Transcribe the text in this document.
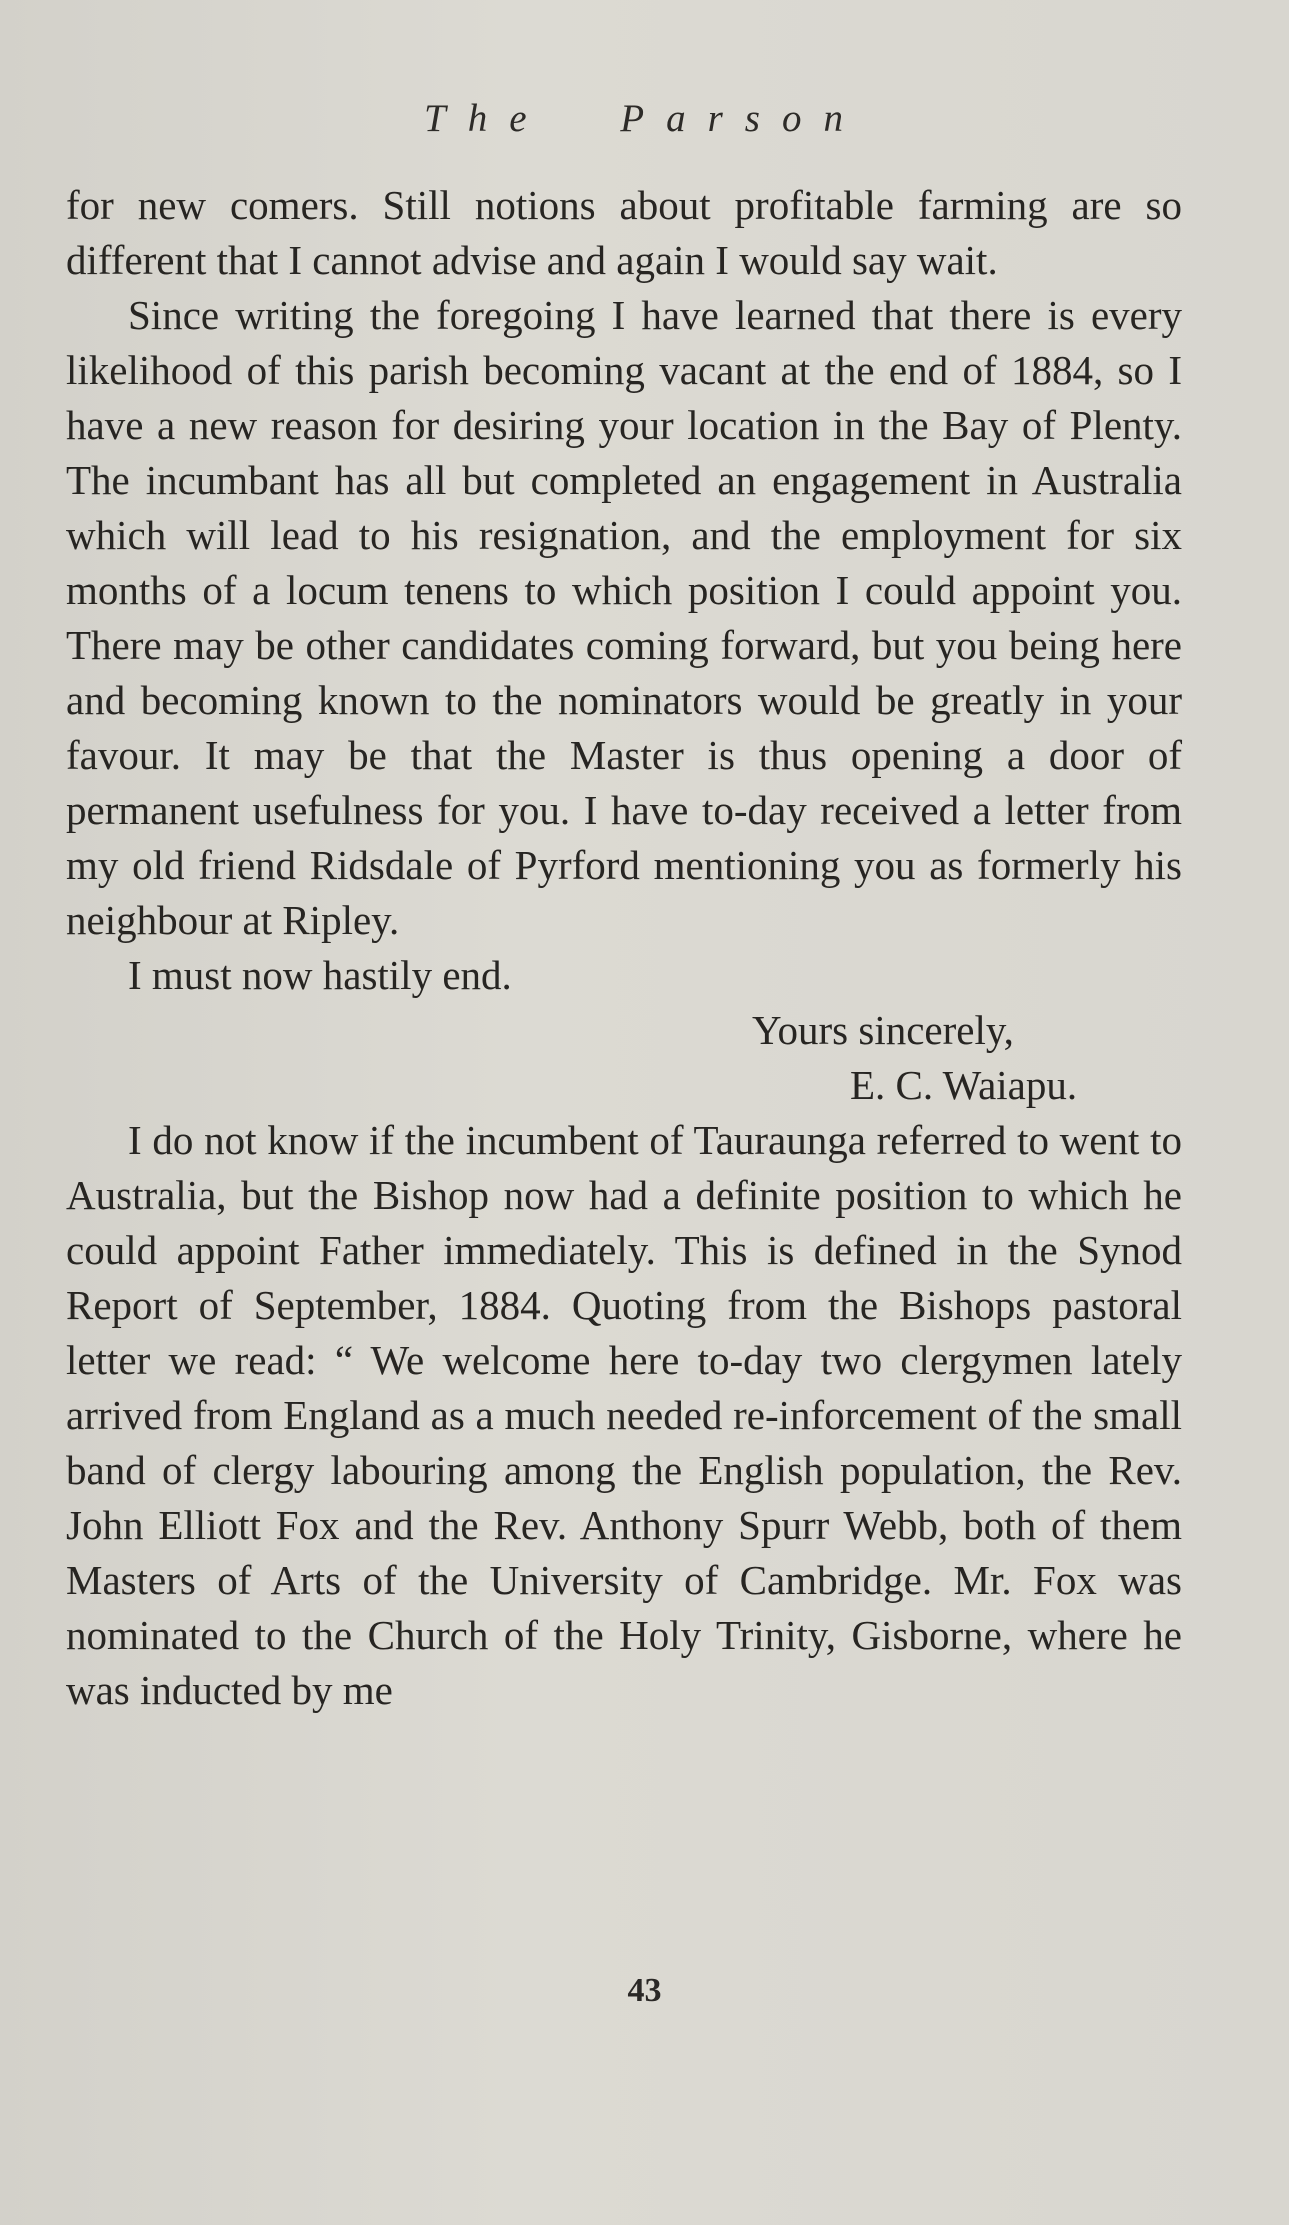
The Parson

for new comers. Still notions about profitable farming are so different that I cannot advise and again I would say wait.

Since writing the foregoing I have learned that there is every likelihood of this parish becoming vacant at the end of 1884, so I have a new reason for desiring your location in the Bay of Plenty. The incumbant has all but completed an engagement in Australia which will lead to his resignation, and the employment for six months of a locum tenens to which position I could appoint you. There may be other candidates coming forward, but you being here and becoming known to the nominators would be greatly in your favour. It may be that the Master is thus opening a door of permanent usefulness for you. I have to-day received a letter from my old friend Ridsdale of Pyrford mentioning you as formerly his neighbour at Ripley.

I must now hastily end.

Yours sincerely,

E. C. Waiapu.

I do not know if the incumbent of Taurаunga referred to went to Australia, but the Bishop now had a definite position to which he could appoint Father immediately. This is defined in the Synod Report of September, 1884. Quoting from the Bishops pastoral letter we read: “ We welcome here to-day two clergymen lately arrived from England as a much needed re-inforcement of the small band of clergy labouring among the English population, the Rev. John Elliott Fox and the Rev. Anthony Spurr Webb, both of them Masters of Arts of the University of Cambridge. Mr. Fox was nominated to the Church of the Holy Trinity, Gisborne, where he was inducted by me

43
